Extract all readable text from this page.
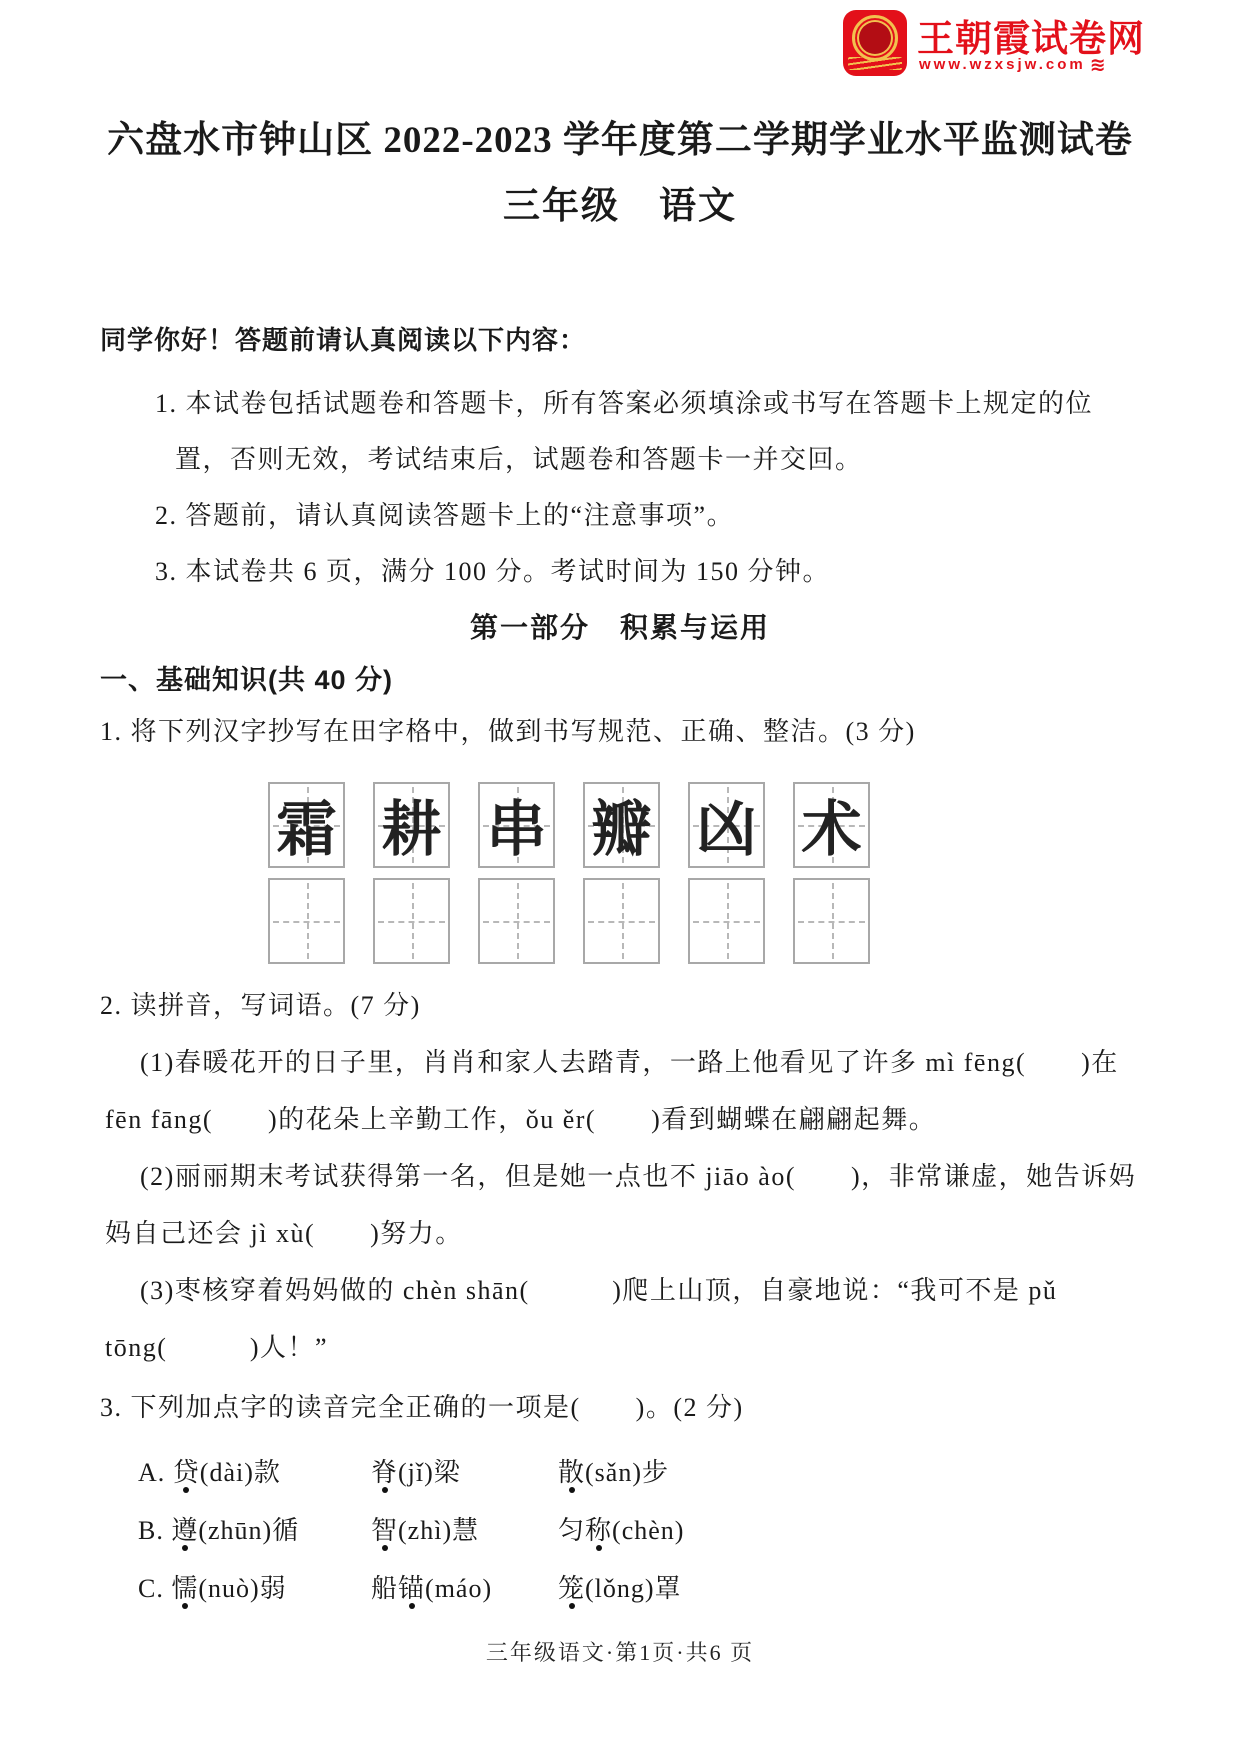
王朝霞试卷网
www.wzxsjw.com ≋
六盘水市钟山区 2022-2023 学年度第二学期学业水平监测试卷
三年级　语文

同学你好！答题前请认真阅读以下内容：

1. 本试卷包括试题卷和答题卡，所有答案必须填涂或书写在答题卡上规定的位置，否则无效，考试结束后，试题卷和答题卡一并交回。

2. 答题前，请认真阅读答题卡上的“注意事项”。

3. 本试卷共 6 页，满分 100 分。考试时间为 150 分钟。

第一部分　积累与运用

一、基础知识(共 40 分)

1. 将下列汉字抄写在田字格中，做到书写规范、正确、整洁。(3 分)

霜 耕 串 瓣 凶 术

2. 读拼音，写词语。(7 分)

(1)春暖花开的日子里，肖肖和家人去踏青，一路上他看见了许多 mì fēng(　　)在fēn fāng(　　)的花朵上辛勤工作，ǒu ěr(　　)看到蝴蝶在翩翩起舞。

(2)丽丽期末考试获得第一名，但是她一点也不 jiāo ào(　　)，非常谦虚，她告诉妈妈自己还会 jì xù(　　)努力。

(3)枣核穿着妈妈做的 chèn shān(　　　)爬上山顶，自豪地说：“我可不是 pǔ tōng(　　　)人！”

3. 下列加点字的读音完全正确的一项是(　　)。(2 分)

A. 贷(dài)款	脊(jǐ)梁	散(sǎn)步
B. 遵(zhūn)循	智(zhì)慧	匀称(chèn)
C. 懦(nuò)弱	船锚(máo)	笼(lǒng)罩

三年级语文·第1页·共6 页
